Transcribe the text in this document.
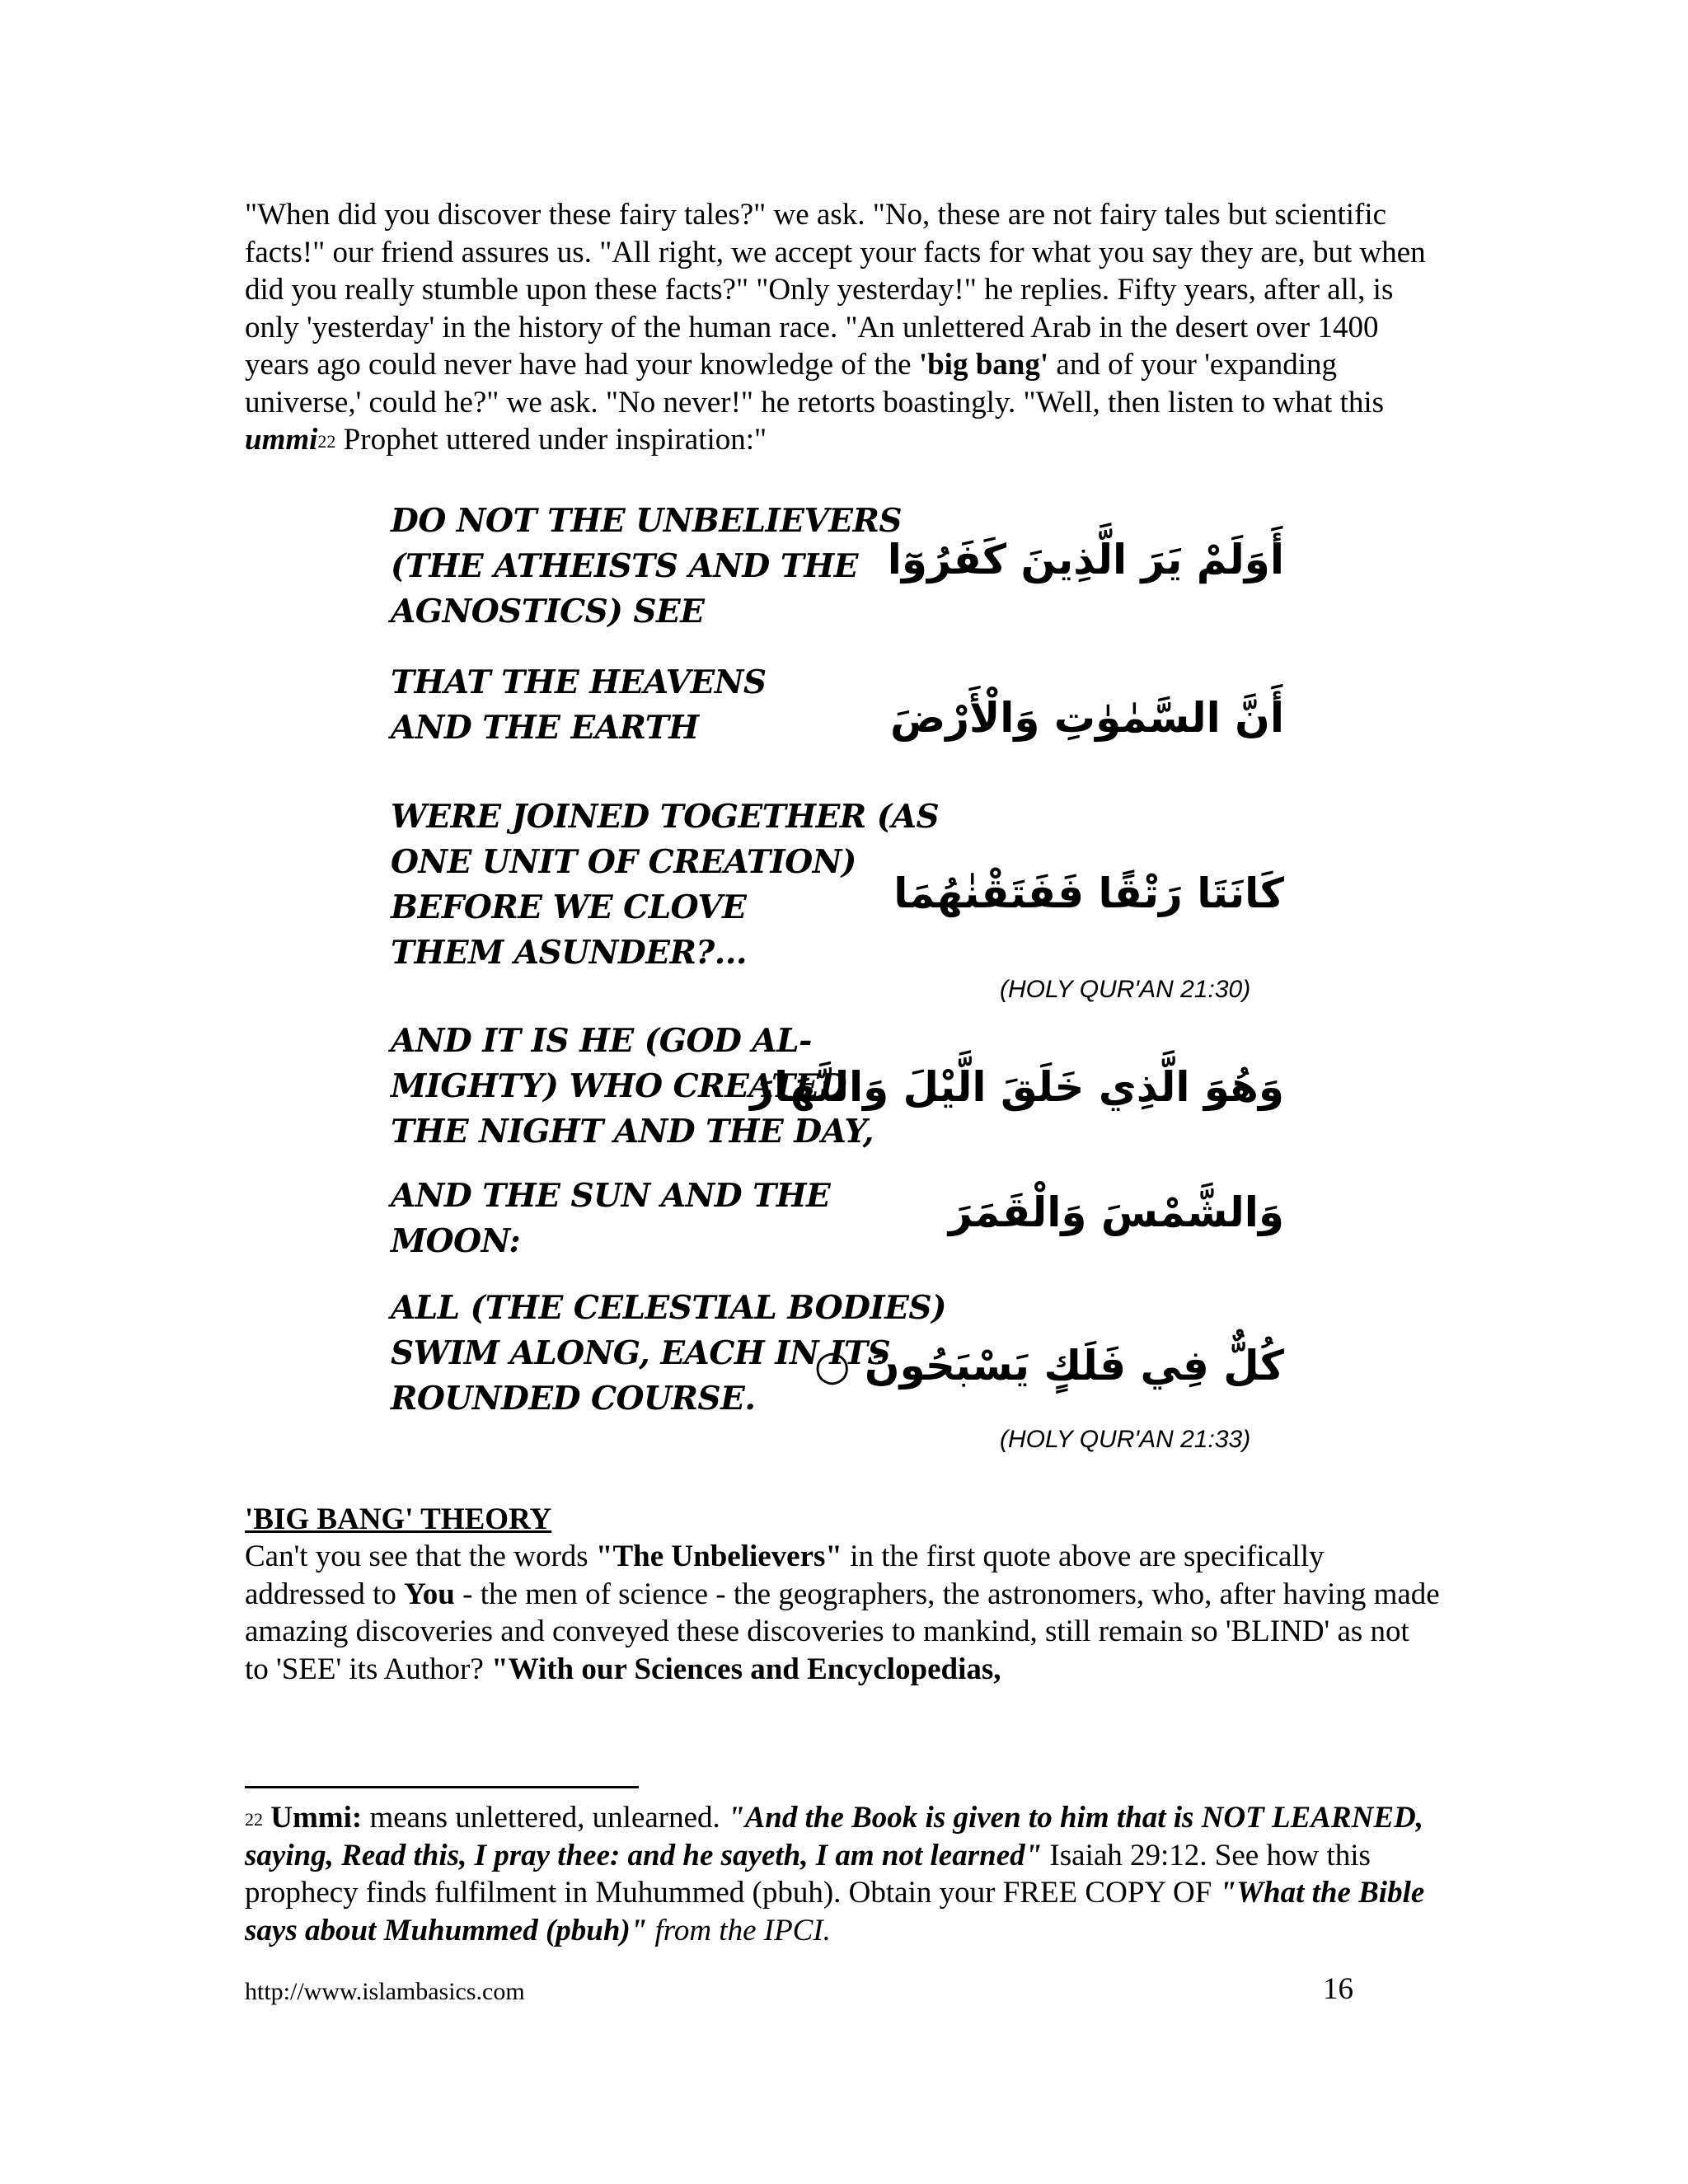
"When did you discover these fairy tales?" we ask. "No, these are not fairy tales but scientific facts!" our friend assures us. "All right, we accept your facts for what you say they are, but when did you really stumble upon these facts?" "Only yesterday!" he replies. Fifty years, after all, is only 'yesterday' in the history of the human race. "An unlettered Arab in the desert over 1400 years ago could never have had your knowledge of the 'big bang' and of your 'expanding universe,' could he?" we ask. "No never!" he retorts boastingly. "Well, then listen to what this ummi$^{22}$ Prophet uttered under inspiration:"
DO NOT THE UNBELIEVERS
(THE ATHEISTS AND THE
AGNOSTICS) SEE
أَوَلَمْ يَرَ الَّذِينَ كَفَرُوٓا
THAT THE HEAVENS
AND THE EARTH	أَنَّ السَّمٰوٰتِ وَالْأَرْضَ
WERE JOINED TOGETHER (AS
ONE UNIT OF CREATION)
BEFORE WE CLOVE
THEM ASUNDER?...
كَانَتَا رَتْقًا فَفَتَقْنٰهُمَا
(HOLY QUR'AN 21:30)
AND IT IS HE (GOD AL-
MIGHTY) WHO CREATED
THE NIGHT AND THE DAY,
وَهُوَ الَّذِي خَلَقَ الَّيْلَ وَالنَّهَارَ
AND THE SUN AND THE
MOON:
وَالشَّمْسَ وَالْقَمَرَ
ALL (THE CELESTIAL BODIES)
SWIM ALONG, EACH IN ITS
ROUNDED COURSE.
كُلٌّ فِي فَلَكٍ يَسْبَحُونَ ○
(HOLY QUR'AN 21:33)
'BIG BANG' THEORY
Can't you see that the words "The Unbelievers" in the first quote above are specifically addressed to You - the men of science - the geographers, the astronomers, who, after having made amazing discoveries and conveyed these discoveries to mankind, still remain so 'BLIND' as not to 'SEE' its Author? "With our Sciences and Encyclopedias,
$^{22}$ Ummi: means unlettered, unlearned. "And the Book is given to him that is NOT LEARNED, saying, Read this, I pray thee: and he sayeth, I am not learned" Isaiah 29:12. See how this prophecy finds fulfilment in Muhummed (pbuh). Obtain your FREE COPY OF "What the Bible says about Muhummed (pbuh)" from the IPCI.
http://www.islambasics.com	16
